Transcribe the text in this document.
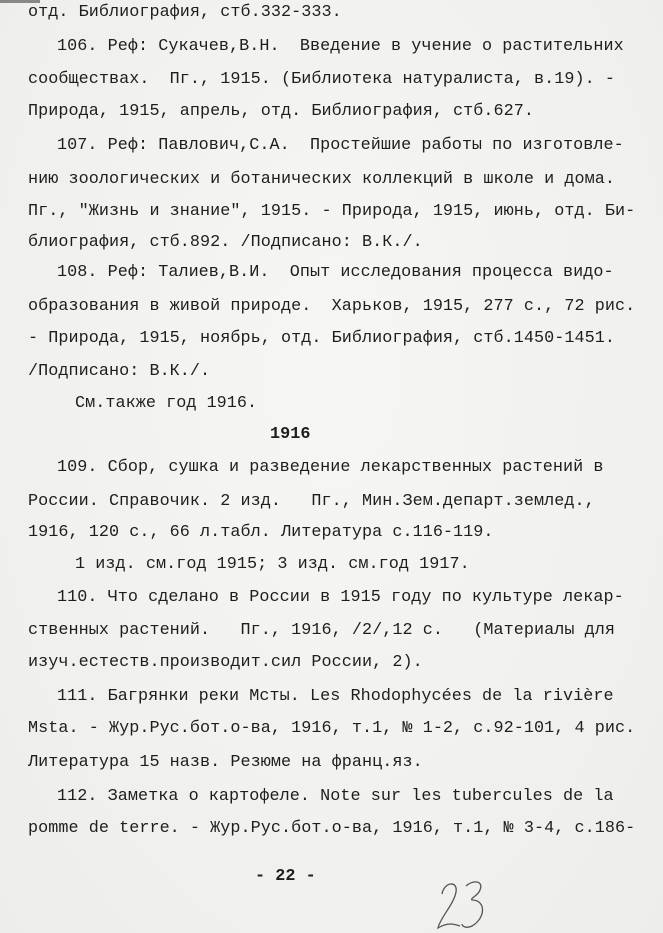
отд. Библиография, стб.332-333.
106. Реф: Сукачев,В.Н.  Введение в учение о растительних
сообществах.  Пг., 1915. (Библиотека натуралиста, в.19). -
Природа, 1915, апрель, отд. Библиография, стб.627.
107. Реф: Павлович,С.А.  Простейшие работы по изготовле-
нию зоологических и ботанических коллекций в школе и дома.
Пг., "Жизнь и знание", 1915. - Природа, 1915, июнь, отд. Би-
блиография, стб.892. /Подписано: В.К./.
108. Реф: Талиев,В.И.  Опыт исследования процесса видо-
образования в живой природе.  Харьков, 1915, 277 с., 72 рис.
- Природа, 1915, ноябрь, отд. Библиография, стб.1450-1451.
/Подписано: В.К./.
См.также год 1916.
1916
109. Сбор, сушка и разведение лекарственных растений в
России. Справочик. 2 изд.   Пг., Мин.Зем.департ.землед.,
1916, 120 с., 66 л.табл. Литература с.116-119.
1 изд. см.год 1915; 3 изд. см.год 1917.
110. Что сделано в России в 1915 году по культуре лекар-
ственных растений.   Пг., 1916, /2/,12 с.   (Материалы для
изуч.естеств.производит.сил России, 2).
111. Багрянки реки Мсты. Les Rhodophycées de la rivière
Msta. - Жур.Рус.бот.о-ва, 1916, т.1, № 1-2, с.92-101, 4 рис.
Литература 15 назв. Резюме на франц.яз.
112. Заметка о картофеле. Note sur les tubercules de la
pomme de terre. - Жур.Рус.бот.о-ва, 1916, т.1, № 3-4, с.186-
- 22 -
